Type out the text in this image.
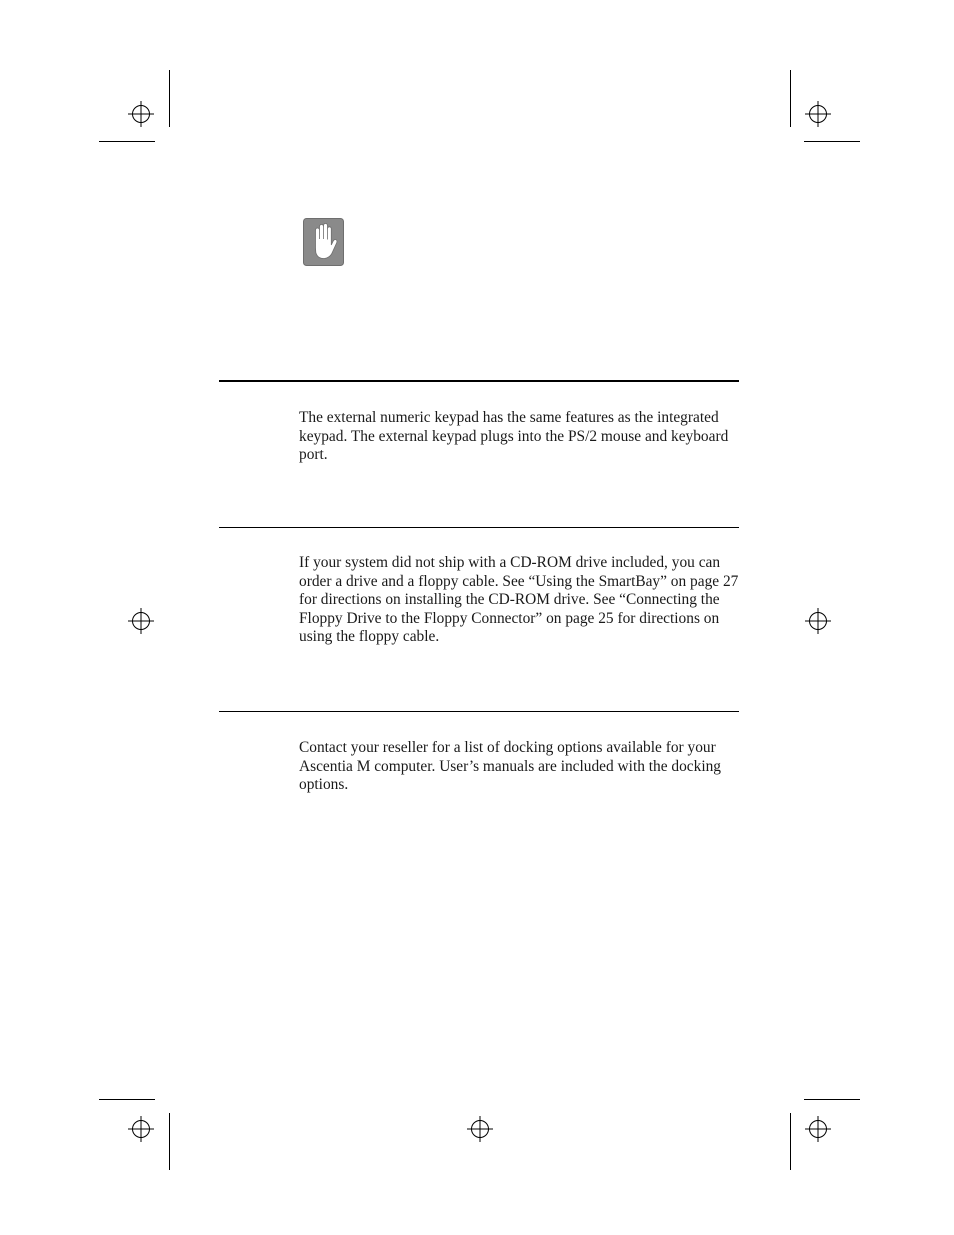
The external numeric keypad has the same features as the integrated keypad. The external keypad plugs into the PS/2 mouse and keyboard port.
If your system did not ship with a CD-ROM drive included, you can order a drive and a floppy cable. See “Using the SmartBay” on page 27 for directions on installing the CD-ROM drive. See “Connecting the Floppy Drive to the Floppy Connector” on page 25 for directions on using the floppy cable.
Contact your reseller for a list of docking options available for your Ascentia M computer. User’s manuals are included with the docking options.
